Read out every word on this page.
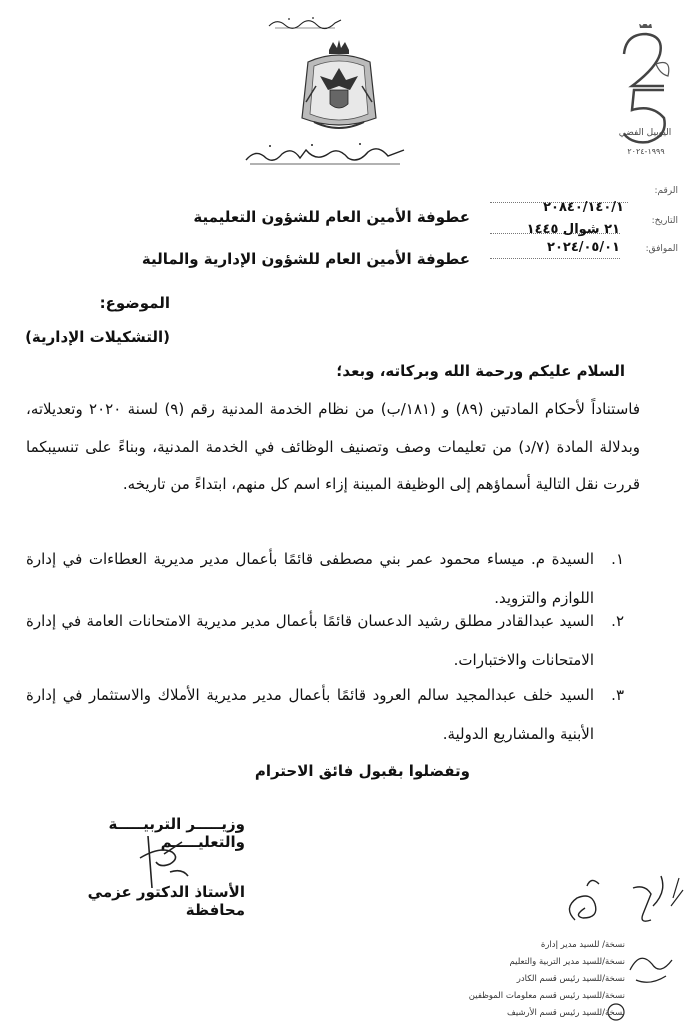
اليوبيل الفضي
١٩٩٩-٢٠٢٤
الرقم:
٢٠٨٤٠/١٤٠/١
التاريخ:
٢١ شوال ١٤٤٥
الموافق:
٢٠٢٤/٠٥/٠١
عطوفة الأمين العام للشؤون التعليمية
عطوفة الأمين العام للشؤون الإدارية والمالية
الموضوع:
(التشكيلات الإدارية)
السلام عليكم ورحمة الله وبركاته، وبعد؛
فاستناداً لأحكام المادتين (٨٩) و (١٨١/ب) من نظام الخدمة المدنية رقم (٩) لسنة ٢٠٢٠ وتعديلاته، وبدلالة المادة (٧/د) من تعليمات وصف وتصنيف الوظائف في الخدمة المدنية، وبناءً على تنسيبكما قررت نقل التالية أسماؤهم إلى الوظيفة المبينة إزاء اسم كل منهم، ابتداءً من تاريخه.
١.
السيدة م. ميساء محمود عمر بني مصطفى قائمًا بأعمال مدير مديرية العطاءات في إدارة اللوازم والتزويد.
٢.
السيد عبدالقادر مطلق رشيد الدعسان قائمًا بأعمال مدير مديرية الامتحانات العامة في إدارة الامتحانات والاختبارات.
٣.
السيد خلف عبدالمجيد سالم العرود قائمًا بأعمال مدير مديرية الأملاك والاستثمار في إدارة الأبنية والمشاريع الدولية.
وتفضلوا بقبول فائق الاحترام
وزيـــــر التربيـــــة والتعليـــــم
الأستاذ الدكتور عزمي محافظة
نسخة/ للسيد مدير إدارة
نسخة/للسيد مدير التربية والتعليم
نسخة/للسيد رئيس قسم الكادر
نسخة/للسيد رئيس قسم معلومات الموظفين
نسخة/للسيد رئيس قسم الأرشيف
